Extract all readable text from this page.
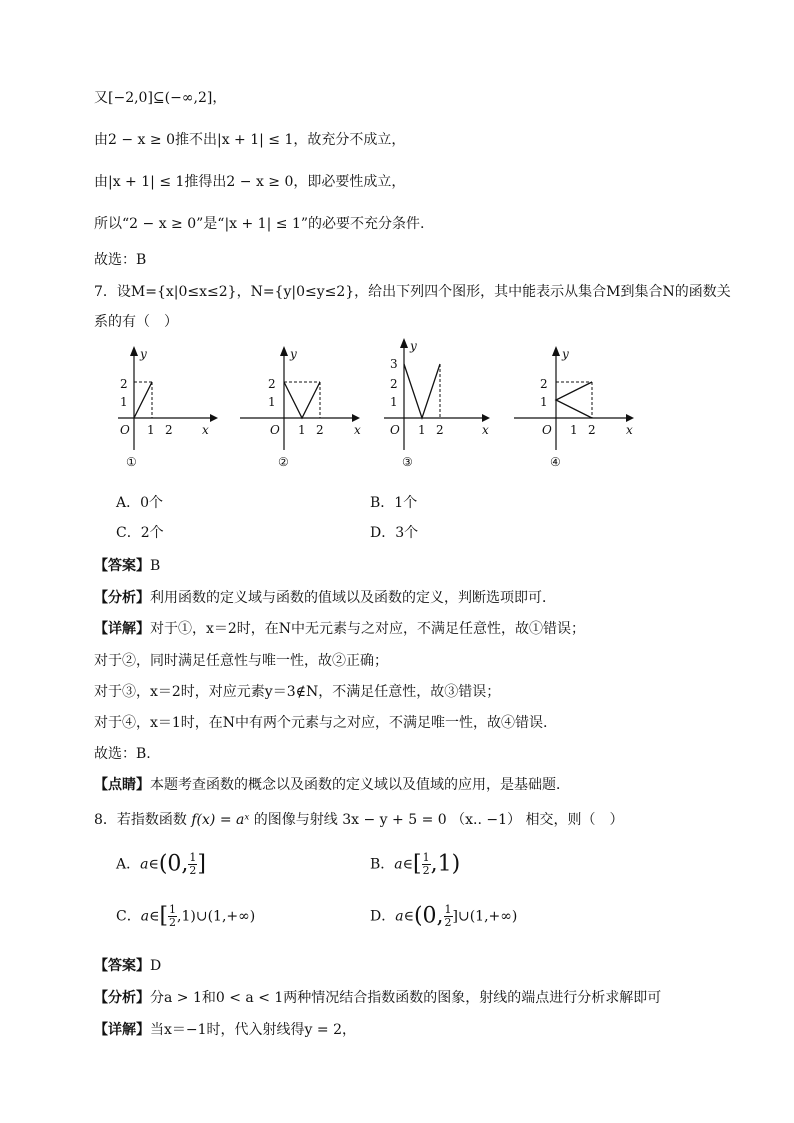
又[−2,0]⊆(−∞,2]，
由2 − x ≥ 0推不出|x + 1| ≤ 1，故充分不成立，
由|x + 1| ≤ 1推得出2 − x ≥ 0，即必要性成立，
所以“2 − x ≥ 0”是“|x + 1| ≤ 1”的必要不充分条件.
故选：B
7．设M={x|0≤x≤2}，N={y|0≤y≤2}，给出下列四个图形，其中能表示从集合M到集合N的函数关
系的有（　）
y
2
1
O 1 2 x
①
y
2
1
O 1 2	x
②
y
3
2
1
O 1 2	x
③
y
2
1
O 1 2	x
④
A．0个	B．1个
C．2个	D．3个
【答案】B
【分析】利用函数的定义域与函数的值域以及函数的定义，判断选项即可．
【详解】对于①，x＝2时，在N中无元素与之对应，不满足任意性，故①错误；
对于②，同时满足任意性与唯一性，故②正确；
对于③，x＝2时，对应元素y＝3∉N，不满足任意性，故③错误；
对于④，x＝1时，在N中有两个元素与之对应，不满足唯一性，故④错误.
故选：B.
【点睛】本题考查函数的概念以及函数的定义域以及值域的应用，是基础题．
8．若指数函数 f(x) = aˣ 的图像与射线 3x − y + 5 = 0 （x.. −1） 相交，则（　）
A．a∈(0, $\frac{1}{2}$ ]	B．a∈[ $\frac{1}{2} ,1$)
C．a∈[ $\frac{1}{2}$ ,1)∪(1,+∞)	D．a∈(0, $\frac{1}{2}$ ]∪(1,+∞)
【答案】D
【分析】分a > 1和0 < a < 1两种情况结合指数函数的图象，射线的端点进行分析求解即可
【详解】当x＝−1时，代入射线得y = 2，
